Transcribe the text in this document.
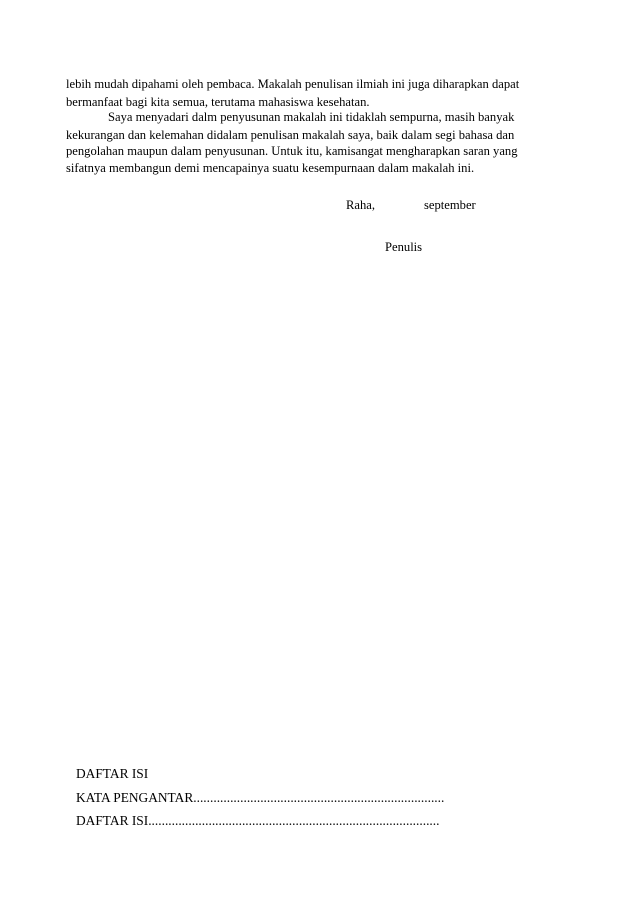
lebih mudah dipahami oleh pembaca. Makalah penulisan ilmiah ini juga diharapkan dapat
bermanfaat bagi kita semua, terutama mahasiswa kesehatan.
Saya menyadari dalm penyusunan makalah ini tidaklah sempurna, masih banyak
kekurangan dan kelemahan didalam penulisan makalah saya, baik dalam segi bahasa dan
pengolahan maupun dalam penyusunan. Untuk itu, kamisangat mengharapkan saran yang
sifatnya membangun demi mencapainya suatu kesempurnaan dalam makalah ini.
Raha,	september
Penulis
DAFTAR ISI
KATA PENGANTAR...........................................................................
DAFTAR ISI.......................................................................................
